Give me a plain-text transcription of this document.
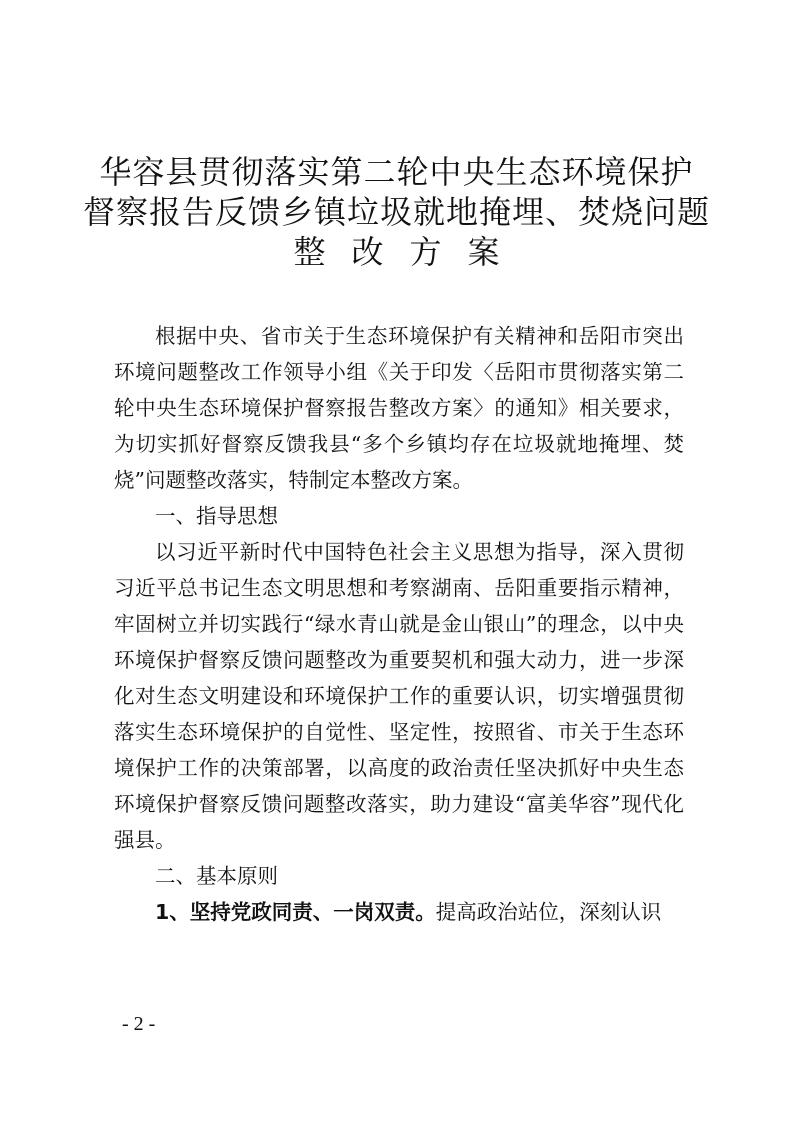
华容县贯彻落实第二轮中央生态环境保护
督察报告反馈乡镇垃圾就地掩埋、焚烧问题
整改方案

根据中央、省市关于生态环境保护有关精神和岳阳市突出环境问题整改工作领导小组《关于印发〈岳阳市贯彻落实第二轮中央生态环境保护督察报告整改方案〉的通知》相关要求，为切实抓好督察反馈我县“多个乡镇均存在垃圾就地掩埋、焚烧”问题整改落实，特制定本整改方案。

一、指导思想

以习近平新时代中国特色社会主义思想为指导，深入贯彻习近平总书记生态文明思想和考察湖南、岳阳重要指示精神，牢固树立并切实践行“绿水青山就是金山银山”的理念，以中央环境保护督察反馈问题整改为重要契机和强大动力，进一步深化对生态文明建设和环境保护工作的重要认识，切实增强贯彻落实生态环境保护的自觉性、坚定性，按照省、市关于生态环境保护工作的决策部署，以高度的政治责任坚决抓好中央生态环境保护督察反馈问题整改落实，助力建设“富美华容”现代化强县。

二、基本原则

1、坚持党政同责、一岗双责。提高政治站位，深刻认识

- 2 -
